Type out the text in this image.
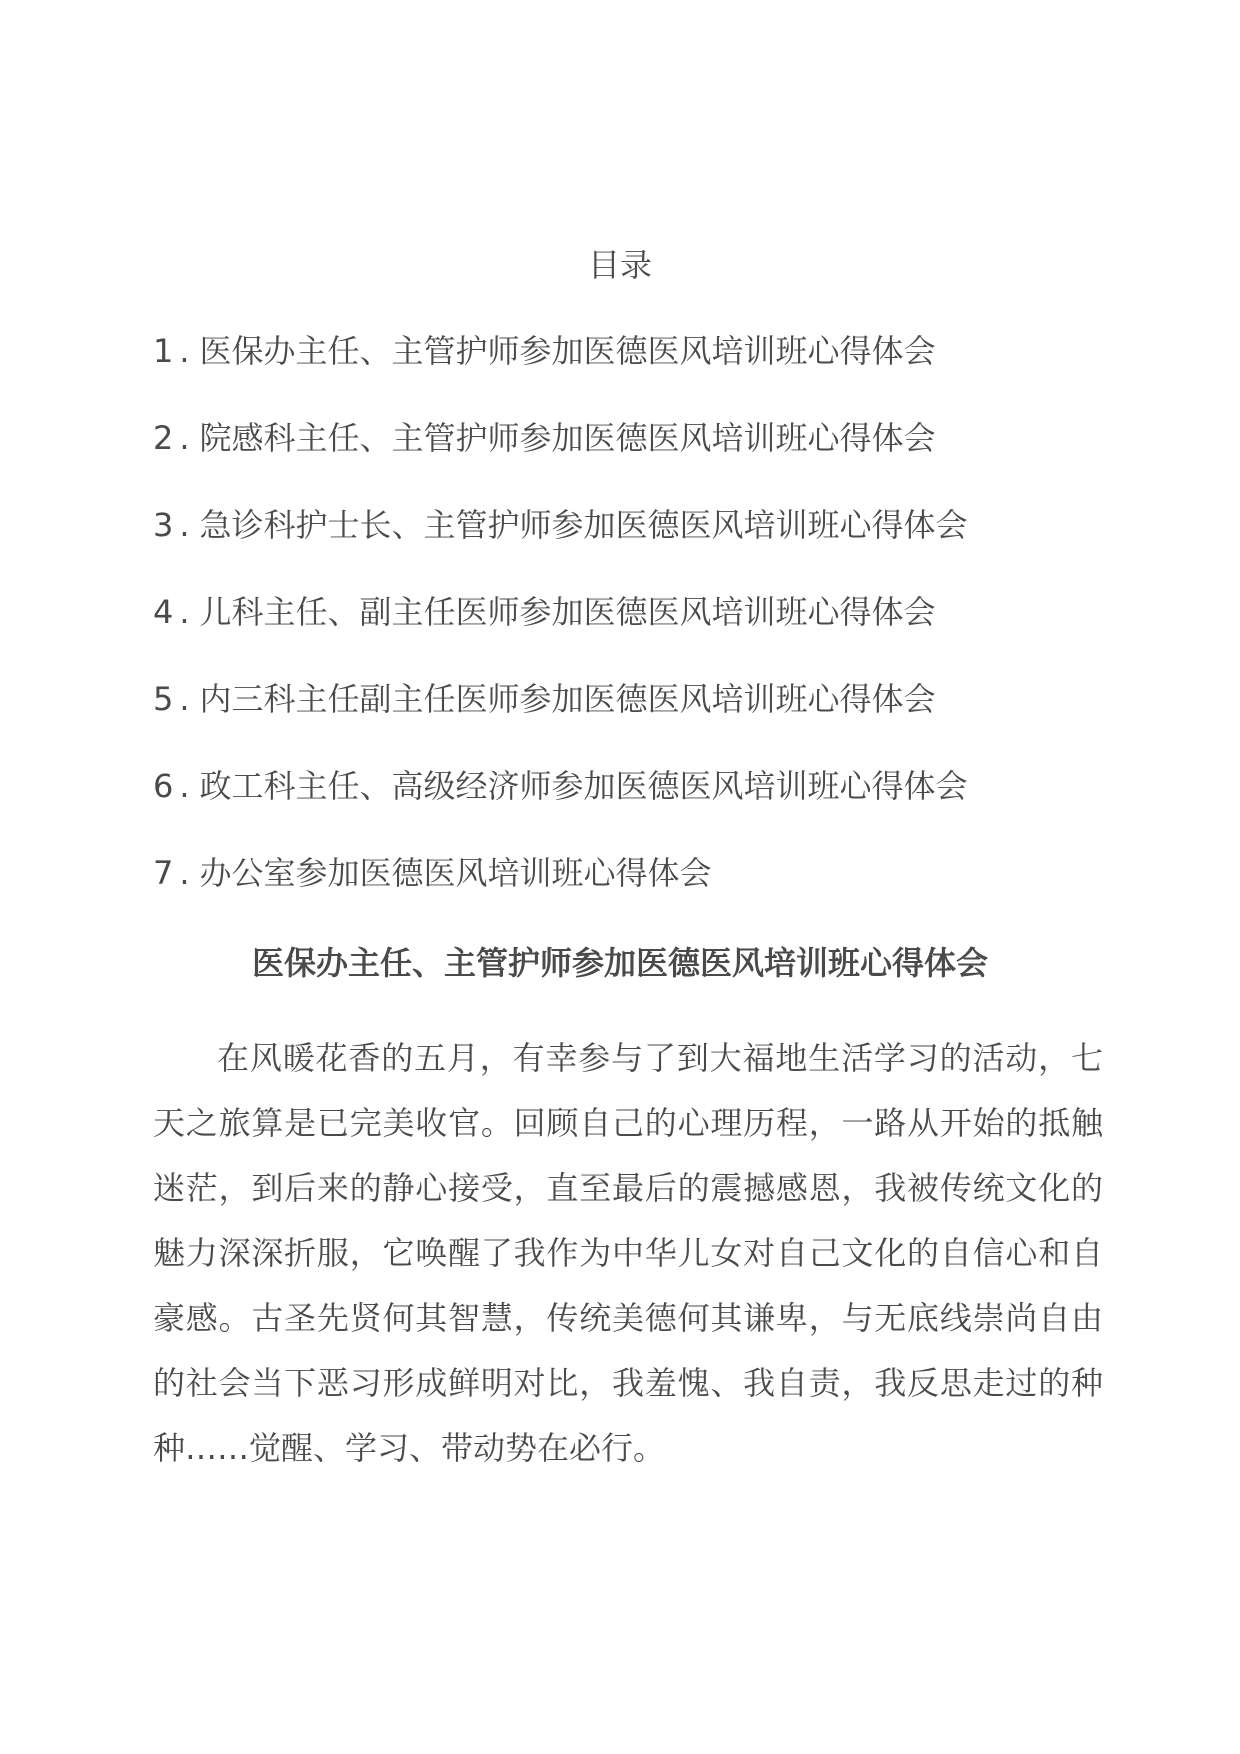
目录
1 . 医保办主任、主管护师参加医德医风培训班心得体会
2 . 院感科主任、主管护师参加医德医风培训班心得体会
3 . 急诊科护士长、主管护师参加医德医风培训班心得体会
4 . 儿科主任、副主任医师参加医德医风培训班心得体会
5 . 内三科主任副主任医师参加医德医风培训班心得体会
6 . 政工科主任、高级经济师参加医德医风培训班心得体会
7 . 办公室参加医德医风培训班心得体会
医保办主任、主管护师参加医德医风培训班心得体会

在风暖花香的五月，有幸参与了到大福地生活学习的活动，七天之旅算是已完美收官。回顾自己的心理历程，一路从开始的抵触迷茫，到后来的静心接受，直至最后的震撼感恩，我被传统文化的魅力深深折服，它唤醒了我作为中华儿女对自己文化的自信心和自豪感。古圣先贤何其智慧，传统美德何其谦卑，与无底线崇尚自由的社会当下恶习形成鲜明对比，我羞愧、我自责，我反思走过的种种……觉醒、学习、带动势在必行。
